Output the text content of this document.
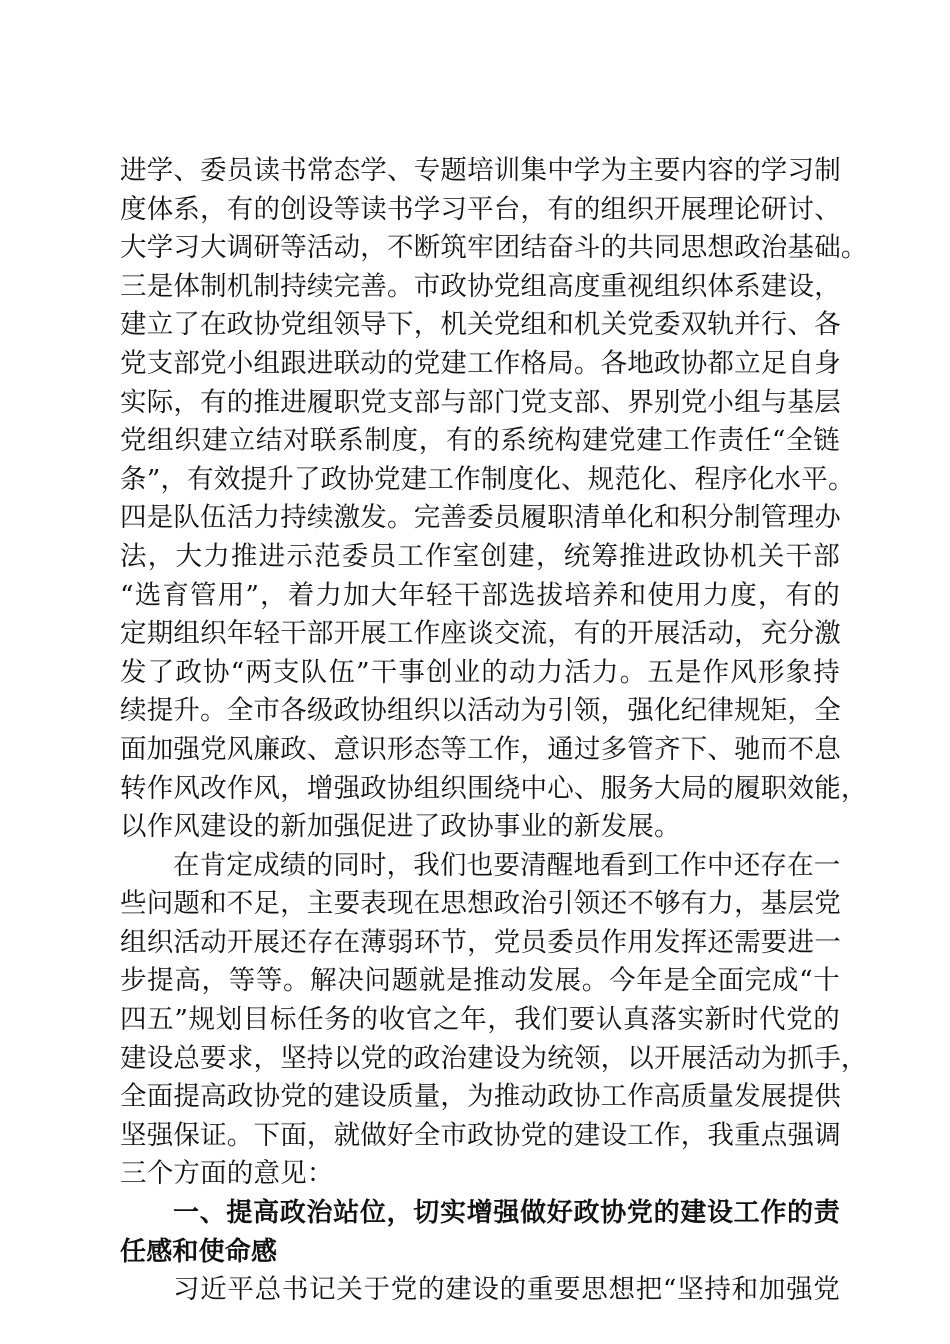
进学、委员读书常态学、专题培训集中学为主要内容的学习制
度体系，有的创设等读书学习平台，有的组织开展理论研讨、
大学习大调研等活动，不断筑牢团结奋斗的共同思想政治基础。
三是体制机制持续完善。市政协党组高度重视组织体系建设，
建立了在政协党组领导下，机关党组和机关党委双轨并行、各
党支部党小组跟进联动的党建工作格局。各地政协都立足自身
实际，有的推进履职党支部与部门党支部、界别党小组与基层
党组织建立结对联系制度，有的系统构建党建工作责任“全链
条”，有效提升了政协党建工作制度化、规范化、程序化水平。
四是队伍活力持续激发。完善委员履职清单化和积分制管理办
法，大力推进示范委员工作室创建，统筹推进政协机关干部
“选育管用”，着力加大年轻干部选拔培养和使用力度，有的
定期组织年轻干部开展工作座谈交流，有的开展活动，充分激
发了政协“两支队伍”干事创业的动力活力。五是作风形象持
续提升。全市各级政协组织以活动为引领，强化纪律规矩，全
面加强党风廉政、意识形态等工作，通过多管齐下、驰而不息
转作风改作风，增强政协组织围绕中心、服务大局的履职效能，
以作风建设的新加强促进了政协事业的新发展。
在肯定成绩的同时，我们也要清醒地看到工作中还存在一
些问题和不足，主要表现在思想政治引领还不够有力，基层党
组织活动开展还存在薄弱环节，党员委员作用发挥还需要进一
步提高，等等。解决问题就是推动发展。今年是全面完成“十
四五”规划目标任务的收官之年，我们要认真落实新时代党的
建设总要求，坚持以党的政治建设为统领，以开展活动为抓手，
全面提高政协党的建设质量，为推动政协工作高质量发展提供
坚强保证。下面，就做好全市政协党的建设工作，我重点强调
三个方面的意见：
一、提高政治站位，切实增强做好政协党的建设工作的责
任感和使命感
习近平总书记关于党的建设的重要思想把“坚持和加强党
